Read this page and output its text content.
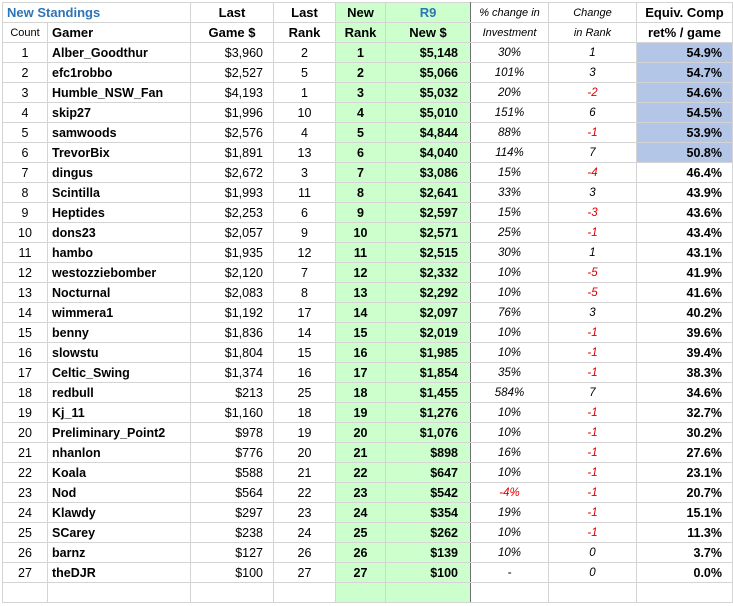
New Standings		Last	Last	New	R9	% change in	Change	Equiv. Comp
Count	Gamer	Game $	Rank	Rank	New $	Investment	in Rank	ret% / game
1	Alber_Goodthur	$3,960	2	1	$5,148	30%	1	54.9%
2	efc1robbo	$2,527	5	2	$5,066	101%	3	54.7%
3	Humble_NSW_Fan	$4,193	1	3	$5,032	20%	-2	54.6%
4	skip27	$1,996	10	4	$5,010	151%	6	54.5%
5	samwoods	$2,576	4	5	$4,844	88%	-1	53.9%
6	TrevorBix	$1,891	13	6	$4,040	114%	7	50.8%
7	dingus	$2,672	3	7	$3,086	15%	-4	46.4%
8	Scintilla	$1,993	11	8	$2,641	33%	3	43.9%
9	Heptides	$2,253	6	9	$2,597	15%	-3	43.6%
10	dons23	$2,057	9	10	$2,571	25%	-1	43.4%
11	hambo	$1,935	12	11	$2,515	30%	1	43.1%
12	westozziebomber	$2,120	7	12	$2,332	10%	-5	41.9%
13	Nocturnal	$2,083	8	13	$2,292	10%	-5	41.6%
14	wimmera1	$1,192	17	14	$2,097	76%	3	40.2%
15	benny	$1,836	14	15	$2,019	10%	-1	39.6%
16	slowstu	$1,804	15	16	$1,985	10%	-1	39.4%
17	Celtic_Swing	$1,374	16	17	$1,854	35%	-1	38.3%
18	redbull	$213	25	18	$1,455	584%	7	34.6%
19	Kj_11	$1,160	18	19	$1,276	10%	-1	32.7%
20	Preliminary_Point2	$978	19	20	$1,076	10%	-1	30.2%
21	nhanlon	$776	20	21	$898	16%	-1	27.6%
22	Koala	$588	21	22	$647	10%	-1	23.1%
23	Nod	$564	22	23	$542	-4%	-1	20.7%
24	Klawdy	$297	23	24	$354	19%	-1	15.1%
25	SCarey	$238	24	25	$262	10%	-1	11.3%
26	barnz	$127	26	26	$139	10%	0	3.7%
27	theDJR	$100	27	27	$100	-	0	0.0%
